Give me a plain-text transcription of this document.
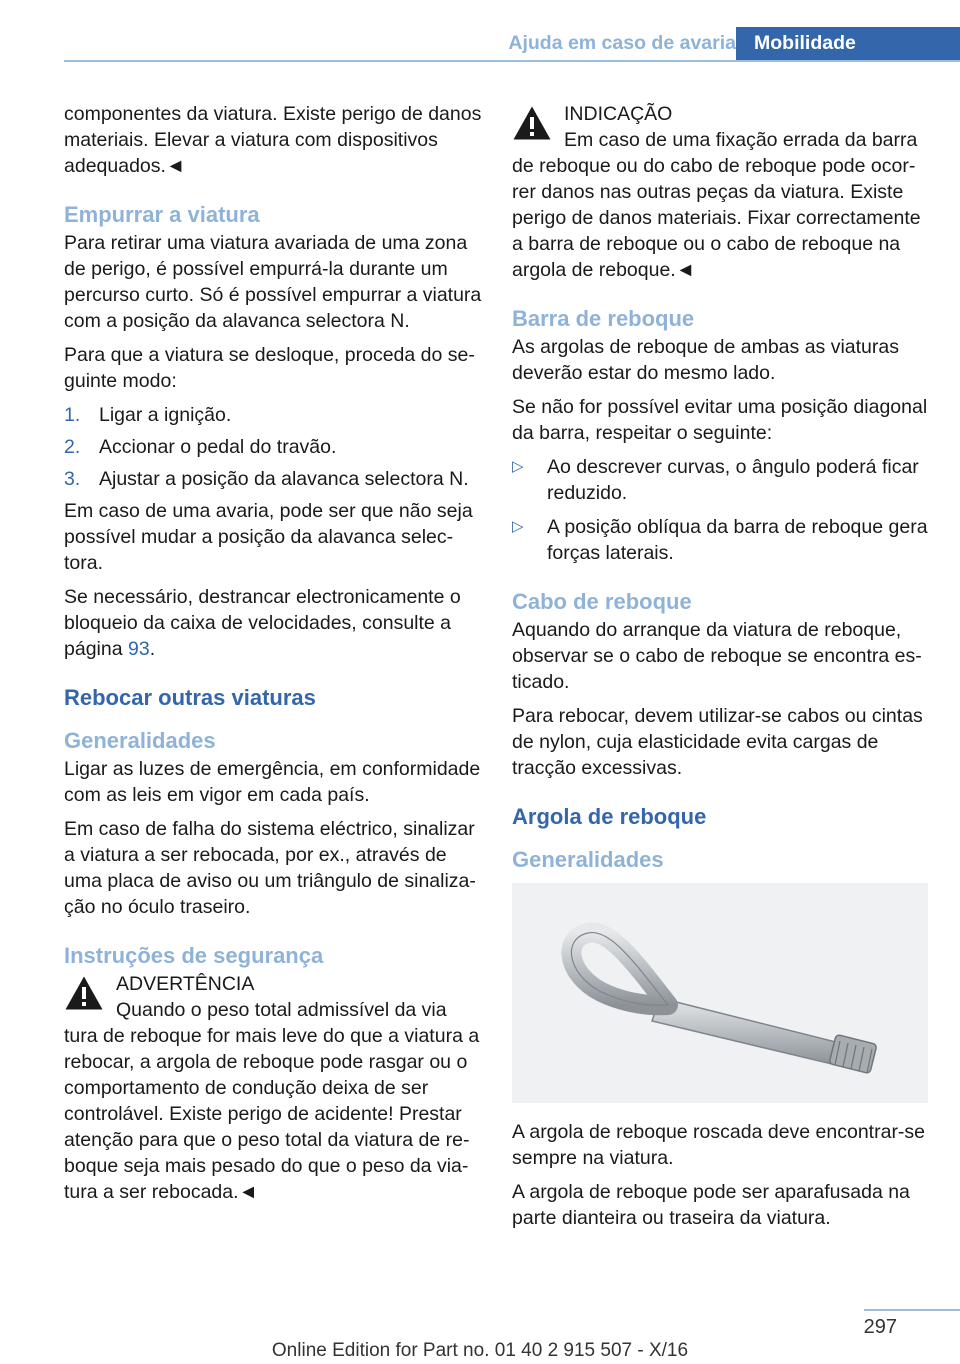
Ajuda em caso de avaria Mobilidade

componentes da viatura. Existe perigo de danos materiais. Elevar a viatura com dispositivos adequados.◄

Empurrar a viatura

Para retirar uma viatura avariada de uma zona de perigo, é possível empurrá-la durante um percurso curto. Só é possível empurrar a viatura com a posição da alavanca selectora N.

Para que a viatura se desloque, proceda do seguinte modo:

1. Ligar a ignição.
2. Accionar o pedal do travão.
3. Ajustar a posição da alavanca selectora N.

Em caso de uma avaria, pode ser que não seja possível mudar a posição da alavanca selectora.

Se necessário, destrancar electronicamente o bloqueio da caixa de velocidades, consulte a página 93.

Rebocar outras viaturas
Generalidades

Ligar as luzes de emergência, em conformidade com as leis em vigor em cada país.

Em caso de falha do sistema eléctrico, sinalizar a viatura a ser rebocada, por ex., através de uma placa de aviso ou um triângulo de sinalização no óculo traseiro.

Instruções de segurança
ADVERTÊNCIA
Quando o peso total admissível da via
tura de reboque for mais leve do que a viatura a rebocar, a argola de reboque pode rasgar ou o comportamento de condução deixa de ser controlável. Existe perigo de acidente! Prestar atenção para que o peso total da viatura de reboque seja mais pesado do que o peso da viatura a ser rebocada.◄
INDICAÇÃO
Em caso de uma fixação errada da barra
de reboque ou do cabo de reboque pode ocorrer danos nas outras peças da viatura. Existe perigo de danos materiais. Fixar correctamente a barra de reboque ou o cabo de reboque na argola de reboque.◄
Barra de reboque

As argolas de reboque de ambas as viaturas deverão estar do mesmo lado.

Se não for possível evitar uma posição diagonal da barra, respeitar o seguinte:

▷ Ao descrever curvas, o ângulo poderá ficar reduzido.
▷ A posição oblíqua da barra de reboque gera forças laterais.
Cabo de reboque

Aquando do arranque da viatura de reboque, observar se o cabo de reboque se encontra esticado.

Para rebocar, devem utilizar-se cabos ou cintas de nylon, cuja elasticidade evita cargas de tracção excessivas.

Argola de reboque
Generalidades

A argola de reboque roscada deve encontrar-se sempre na viatura.

A argola de reboque pode ser aparafusada na parte dianteira ou traseira da viatura.

297
Online Edition for Part no. 01 40 2 915 507 - X/16
